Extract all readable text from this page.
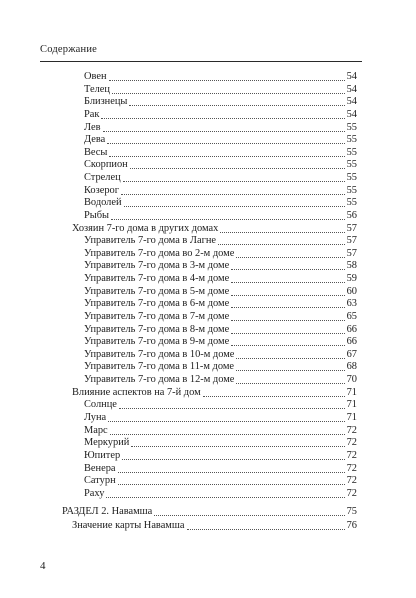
Содержание
Овен	54
Телец	54
Близнецы	54
Рак	54
Лев	55
Дева	55
Весы	55
Скорпион	55
Стрелец	55
Козерог	55
Водолей	55
Рыбы	56
Хозяин 7-го дома в других домах	57
Управитель 7-го дома в Лагне	57
Управитель 7-го дома во 2-м доме	57
Управитель 7-го дома в 3-м доме	58
Управитель 7-го дома в 4-м доме	59
Управитель 7-го дома в 5-м доме	60
Управитель 7-го дома в 6-м доме	63
Управитель 7-го дома в 7-м доме	65
Управитель 7-го дома в 8-м доме	66
Управитель 7-го дома в 9-м доме	66
Управитель 7-го дома в 10-м доме	67
Управитель 7-го дома в 11-м доме	68
Управитель 7-го дома в 12-м доме	70
Влияние аспектов на 7-й дом	71
Солнце	71
Луна	71
Марс	72
Меркурий	72
Юпитер	72
Венера	72
Сатурн	72
Раху	72
РАЗДЕЛ 2. Навамша	75
Значение карты Навамша	76
4
